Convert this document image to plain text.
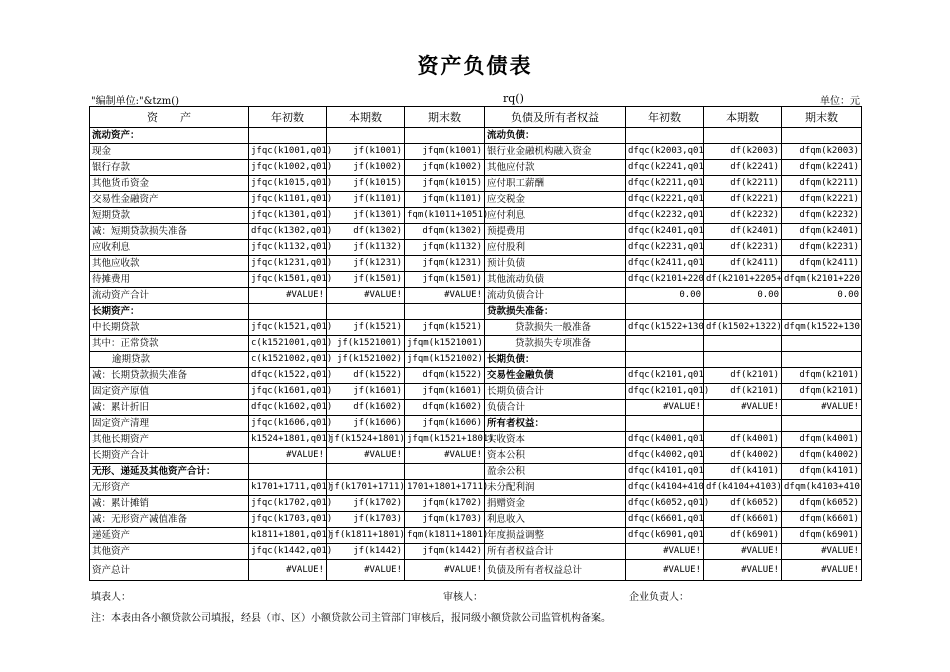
资产负债表
"编制单位:"&tzm()	rq()	单位：元
资　　产	年初数	本期数	期末数	负债及所有者权益	年初数	本期数	期末数
流动资产：				流动负债：			
现金	jfqc(k1001,q01)	jf(k1001)	jfqm(k1001)	银行业金融机构融入资金	dfqc(k2003,q01	df(k2003)	dfqm(k2003)
银行存款	jfqc(k1002,q01)	jf(k1002)	jfqm(k1002)	其他应付款	dfqc(k2241,q01	df(k2241)	dfqm(k2241)
其他货币资金	jfqc(k1015,q01)	jf(k1015)	jfqm(k1015)	应付职工薪酬	dfqc(k2211,q01	df(k2211)	dfqm(k2211)
交易性金融资产	jfqc(k1101,q01)	jf(k1101)	jfqm(k1101)	应交税金	dfqc(k2221,q01	df(k2221)	dfqm(k2221)
短期贷款	jfqc(k1301,q01)	jf(k1301)	fqm(k1011+1051)	应付利息	dfqc(k2232,q01	df(k2232)	dfqm(k2232)
减：短期贷款损失准备	dfqc(k1302,q01)	df(k1302)	dfqm(k1302)	预提费用	dfqc(k2401,q01	df(k2401)	dfqm(k2401)
应收利息	jfqc(k1132,q01)	jf(k1132)	jfqm(k1132)	应付股利	dfqc(k2231,q01	df(k2231)	dfqm(k2231)
其他应收款	jfqc(k1231,q01)	jf(k1231)	jfqm(k1231)	预计负债	dfqc(k2411,q01	df(k2411)	dfqm(k2411)
待摊费用	jfqc(k1501,q01)	jf(k1501)	jfqm(k1501)	其他流动负债	dfqc(k2101+220	df(k2101+2205+	dfqm(k2101+220
流动资产合计	#VALUE!	#VALUE!	#VALUE!	流动负债合计	0.00	0.00	0.00
长期资产：				贷款损失准备：			
中长期贷款	jfqc(k1521,q01)	jf(k1521)	jfqm(k1521)	贷款损失一般准备	dfqc(k1522+130	df(k1502+1322)	dfqm(k1522+130
其中：正常贷款	c(k1521001,q01)	jf(k1521001)	jfqm(k1521001)	贷款损失专项准备			
逾期贷款	c(k1521002,q01)	jf(k1521002)	jfqm(k1521002)	长期负债：			
减：长期贷款损失准备	dfqc(k1522,q01)	df(k1522)	dfqm(k1522)	交易性金融负债	dfqc(k2101,q01	df(k2101)	dfqm(k2101)
固定资产原值	jfqc(k1601,q01)	jf(k1601)	jfqm(k1601)	长期负债合计	dfqc(k2101,q01)	df(k2101)	dfqm(k2101)
减：累计折旧	dfqc(k1602,q01)	df(k1602)	dfqm(k1602)	负债合计	#VALUE!	#VALUE!	#VALUE!
固定资产清理	jfqc(k1606,q01)	jf(k1606)	jfqm(k1606)	所有者权益：			
其他长期资产	k1524+1801,q01)	jf(k1524+1801)	jfqm(k1521+1801)	实收资本	dfqc(k4001,q01	df(k4001)	dfqm(k4001)
长期资产合计	#VALUE!	#VALUE!	#VALUE!	资本公积	dfqc(k4002,q01	df(k4002)	dfqm(k4002)
无形、递延及其他资产合计：				盈余公积	dfqc(k4101,q01	df(k4101)	dfqm(k4101)
无形资产	k1701+1711,q01)	jf(k1701+1711)	1701+1801+1711)	未分配利润	dfqc(k4104+410	df(k4104+4103)	dfqm(k4103+410
减：累计摊销	jfqc(k1702,q01)	jf(k1702)	jfqm(k1702)	捐赠资金	dfqc(k6052,q01)	df(k6052)	dfqm(k6052)
减：无形资产减值准备	jfqc(k1703,q01)	jf(k1703)	jfqm(k1703)	利息收入	dfqc(k6601,q01	df(k6601)	dfqm(k6601)
递延资产	k1811+1801,q01)	jf(k1811+1801)	fqm(k1811+1801)	年度损益调整	dfqc(k6901,q01	df(k6901)	dfqm(k6901)
其他资产	jfqc(k1442,q01)	jf(k1442)	jfqm(k1442)	所有者权益合计	#VALUE!	#VALUE!	#VALUE!
资产总计	#VALUE!	#VALUE!	#VALUE!	负债及所有者权益总计	#VALUE!	#VALUE!	#VALUE!
填表人：	审核人：	企业负责人：
注：本表由各小额贷款公司填报，经县（市、区）小额贷款公司主管部门审核后，报同级小额贷款公司监管机构备案。
